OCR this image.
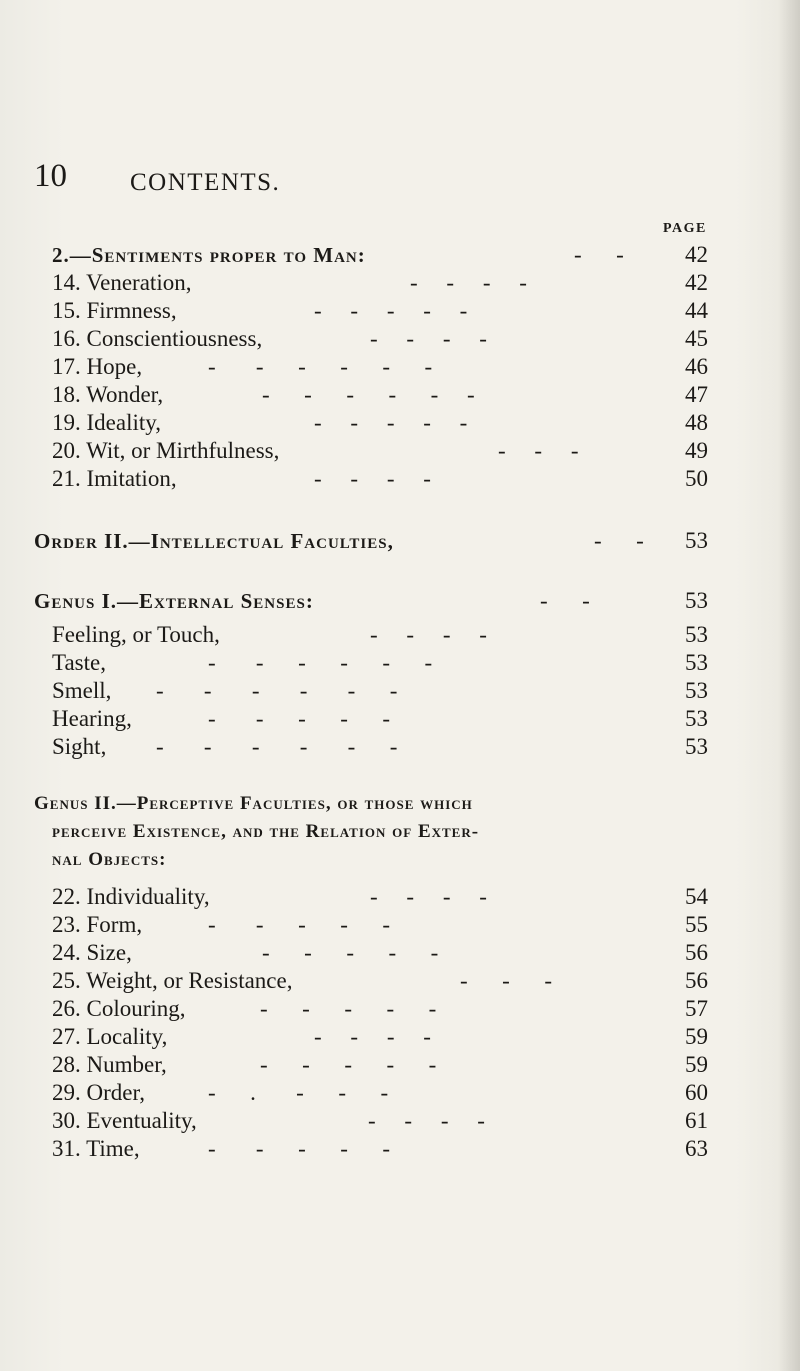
10	CONTENTS.
PAGE
2.—Sentiments proper to Man:	-      -	42
14. Veneration,	-     -     -     -	42
15. Firmness,	-     -     -     -     -	44
16. Conscientiousness,	-     -     -     -	45
17. Hope,	-       -      -      -      -      -	46
18. Wonder,	-      -      -      -      -     -	47
19. Ideality,	-     -     -     -     -	48
20. Wit, or Mirthfulness,	-     -     -	49
21. Imitation,	-     -     -     -	50
Order II.—Intellectual Faculties,	-      - 53
Genus I.—External Senses:	-      -	53
Feeling, or Touch,	-     -     -     -	53
Taste,	-       -      -      -      -      -	53
Smell, -       -       -       -       -      -	53
Hearing,	-       -      -      -      -	53
Sight, -       -       -       -       -      -	53
Genus II.—Perceptive Faculties, or those which
perceive Existence, and the Relation of Exter-
nal Objects:
22. Individuality,	-     -     -     -	54
23. Form,	-       -      -      -      -	55
24. Size,	-      -      -      -      -	56
25. Weight, or Resistance,	-      -      -	56
26. Colouring,	-      -      -      -      -	57
27. Locality,	-     -     -     -	59
28. Number,	-      -      -      -      -	59
29. Order,	-      .       -      -      -	60
30. Eventuality,	-     -     -     -	61
31. Time,	-       -      -      -      -	63
